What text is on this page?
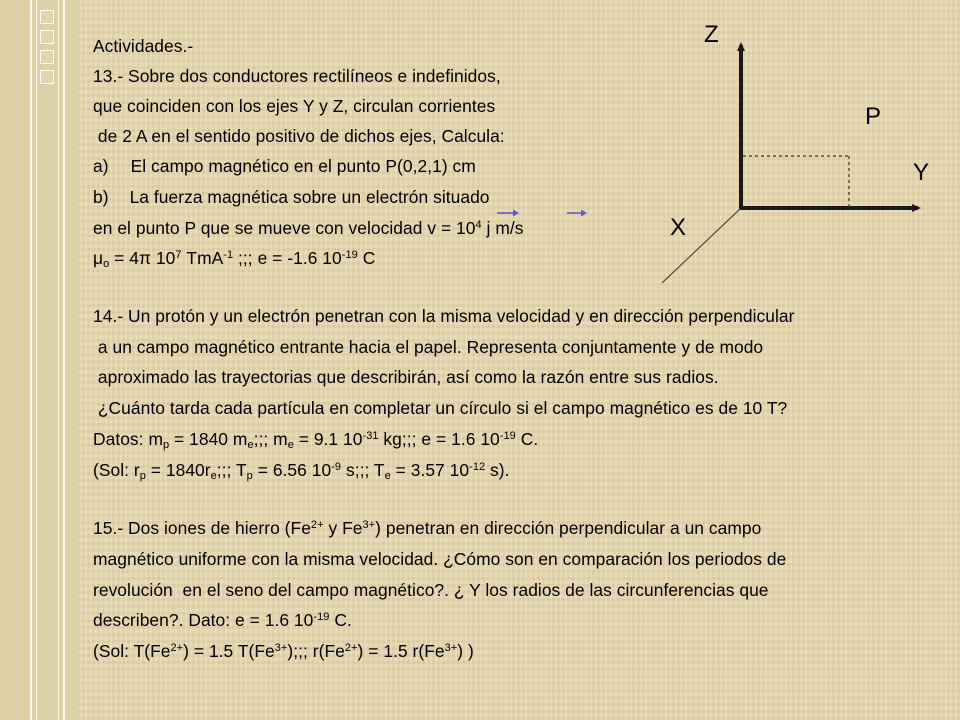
Actividades.-
13.- Sobre dos conductores rectilíneos e indefinidos,
que coinciden con los ejes Y y Z, circulan corrientes
de 2 A en el sentido positivo de dichos ejes, Calcula:
a) El campo magnético en el punto P(0,2,1) cm
b) La fuerza magnética sobre un electrón situado
en el punto P que se mueve con velocidad $v = 10^4$ j m/s
$\mu_o = 4\pi$ $10^7$ TmA$^{-1}$ ;;; e = -1.6 $10^{-19}$ C
14.- Un protón y un electrón penetran con la misma velocidad y en dirección perpendicular
a un campo magnético entrante hacia el papel. Representa conjuntamente y de modo
aproximado las trayectorias que describirán, así como la razón entre sus radios.
¿Cuánto tarda cada partícula en completar un círculo si el campo magnético es de 10 T?
Datos: $m_p = 1840$ $m_e$;;; $m_e = 9.1$ $10^{-31}$ kg;;; e = 1.6 $10^{-19}$ C.
(Sol: $r_p = 1840r_e$;;; $T_p = 6.56$ $10^{-9}$ s;;; $T_e = 3.57$ $10^{-12}$ s).
15.- Dos iones de hierro ($Fe^{2+}$ y $Fe^{3+}$) penetran en dirección perpendicular a un campo
magnético uniforme con la misma velocidad. ¿Cómo son en comparación los periodos de
revolución  en el seno del campo magnético?. ¿ Y los radios de las circunferencias que
describen?. Dato: e = 1.6 $10^{-19}$ C.
(Sol: $T(Fe^{2+}) = 1.5$ $T(Fe^{3+})$;;; $r(Fe^{2+}) = 1.5$ $r(Fe^{3+})$ )
Z
P
Y
X
